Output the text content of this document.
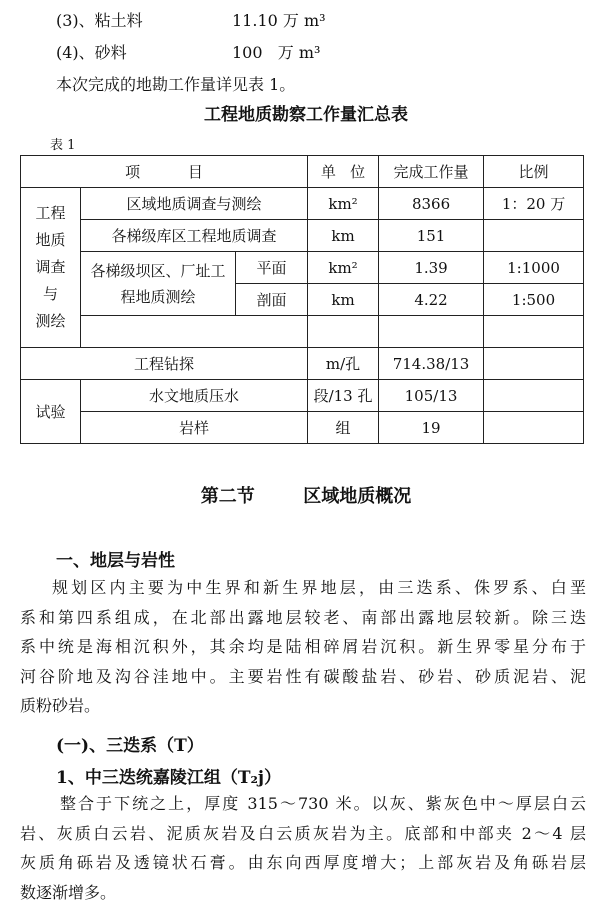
(3)、粘土料	11.10 万 m³
(4)、砂料	100   万 m³
本次完成的地勘工作量详见表 1。
工程地质勘察工作量汇总表
表 1
项          目			单   位	完成工作量	比例
工程
地质
调查
与
测绘	区域地质调查与测绘		km²	8366	1：20 万
	各梯级库区工程地质调查		km	151	
	各梯级坝区、厂址工程地质测绘	平面	km²	1.39	1:1000
		剖面	km	4.22	1:500

工程钻探			m/孔	714.38/13	
试验	水文地质压水		段/13 孔	105/13	
	岩样		组	19	
第二节	区域地质概况
一、地层与岩性
规划区内主要为中生界和新生界地层，由三迭系、侏罗系、白垩
系和第四系组成，在北部出露地层较老、南部出露地层较新。除三迭
系中统是海相沉积外，其余均是陆相碎屑岩沉积。新生界零星分布于
河谷阶地及沟谷洼地中。主要岩性有碳酸盐岩、砂岩、砂质泥岩、泥
质粉砂岩。
(一)、三迭系（T）
1、中三迭统嘉陵江组（T₂j）
整合于下统之上，厚度 315～730 米。以灰、紫灰色中～厚层白云
岩、灰质白云岩、泥质灰岩及白云质灰岩为主。底部和中部夹 2～4 层
灰质角砾岩及透镜状石膏。由东向西厚度增大；上部灰岩及角砾岩层
数逐渐增多。
